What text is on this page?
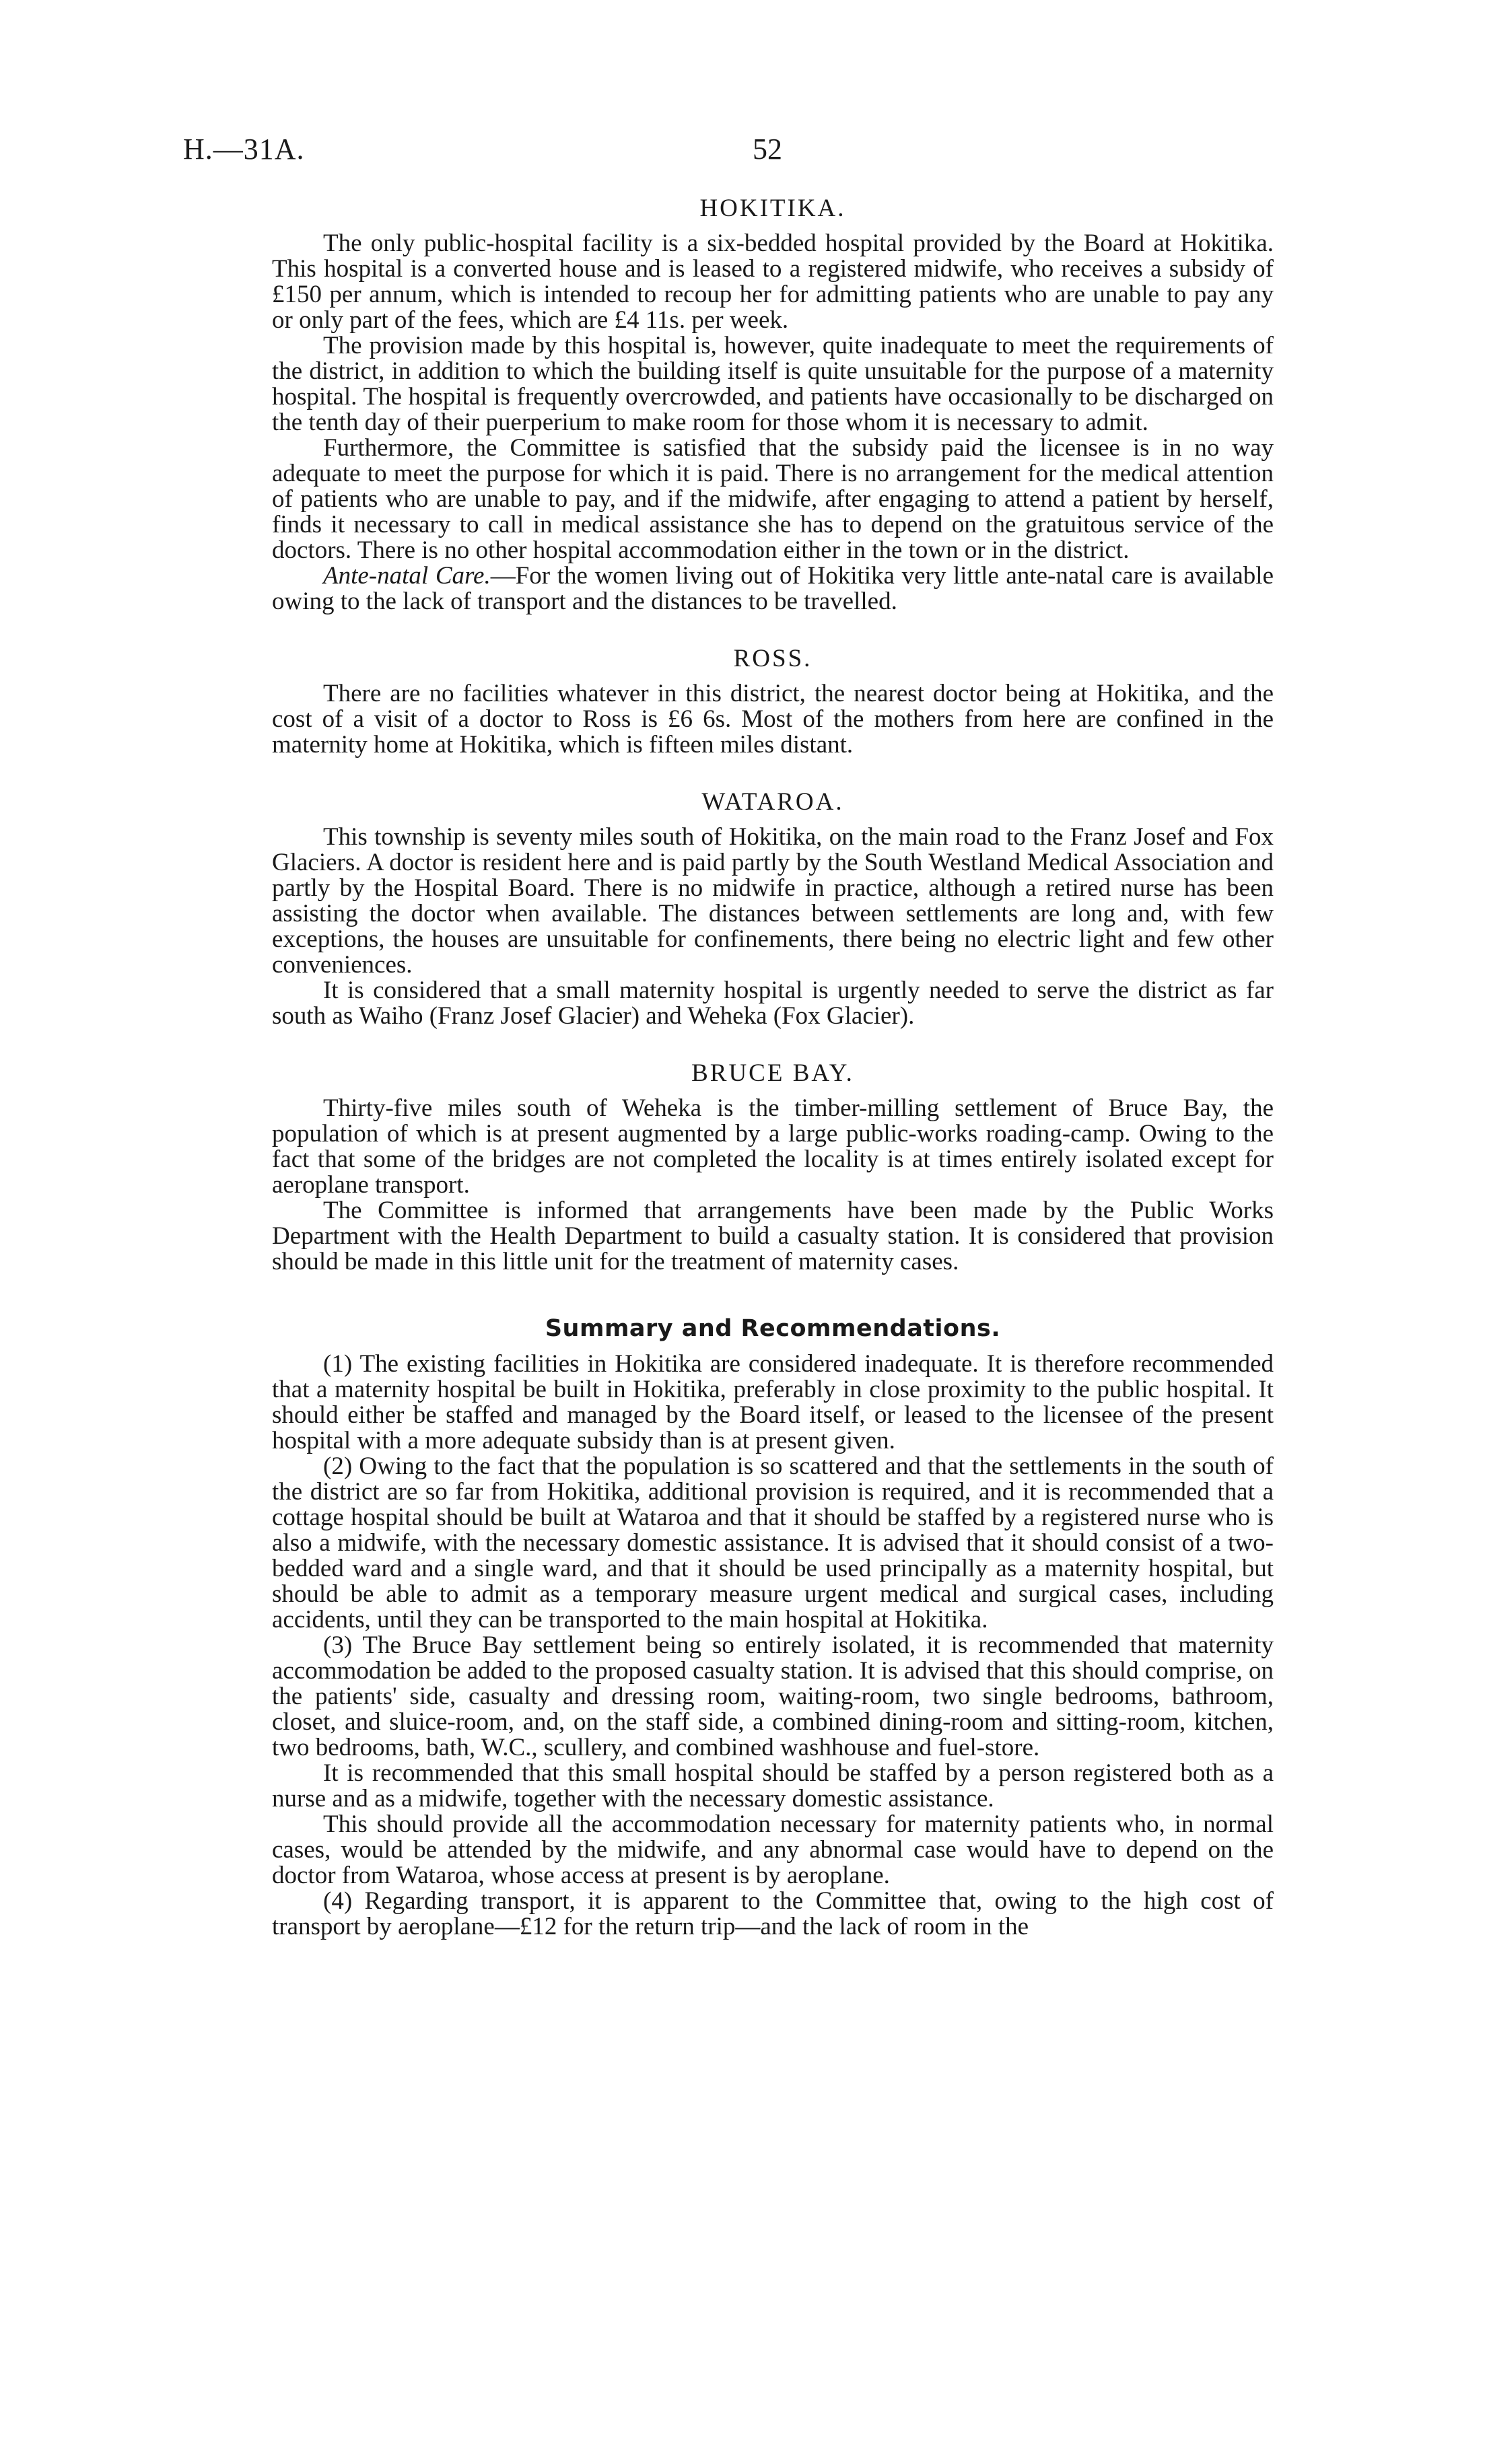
H.—31A.	52
HOKITIKA.

The only public-hospital facility is a six-bedded hospital provided by the Board at Hokitika. This hospital is a converted house and is leased to a registered midwife, who receives a subsidy of £150 per annum, which is intended to recoup her for admitting patients who are unable to pay any or only part of the fees, which are £4 11s. per week.

The provision made by this hospital is, however, quite inadequate to meet the requirements of the district, in addition to which the building itself is quite unsuitable for the purpose of a maternity hospital. The hospital is frequently overcrowded, and patients have occasionally to be discharged on the tenth day of their puerperium to make room for those whom it is necessary to admit.

Furthermore, the Committee is satisfied that the subsidy paid the licensee is in no way adequate to meet the purpose for which it is paid. There is no arrangement for the medical attention of patients who are unable to pay, and if the midwife, after engaging to attend a patient by herself, finds it necessary to call in medical assistance she has to depend on the gratuitous service of the doctors. There is no other hospital accommodation either in the town or in the district.

Ante-natal Care.—For the women living out of Hokitika very little ante-natal care is available owing to the lack of transport and the distances to be travelled.

ROSS.

There are no facilities whatever in this district, the nearest doctor being at Hokitika, and the cost of a visit of a doctor to Ross is £6 6s. Most of the mothers from here are confined in the maternity home at Hokitika, which is fifteen miles distant.

WATAROA.

This township is seventy miles south of Hokitika, on the main road to the Franz Josef and Fox Glaciers. A doctor is resident here and is paid partly by the South Westland Medical Association and partly by the Hospital Board. There is no midwife in practice, although a retired nurse has been assisting the doctor when available. The distances between settlements are long and, with few exceptions, the houses are unsuitable for confinements, there being no electric light and few other conveniences.

It is considered that a small maternity hospital is urgently needed to serve the district as far south as Waiho (Franz Josef Glacier) and Weheka (Fox Glacier).

BRUCE BAY.

Thirty-five miles south of Weheka is the timber-milling settlement of Bruce Bay, the population of which is at present augmented by a large public-works roading-camp. Owing to the fact that some of the bridges are not completed the locality is at times entirely isolated except for aeroplane transport.

The Committee is informed that arrangements have been made by the Public Works Department with the Health Department to build a casualty station. It is considered that provision should be made in this little unit for the treatment of maternity cases.

Summary and Recommendations.

(1) The existing facilities in Hokitika are considered inadequate. It is therefore recommended that a maternity hospital be built in Hokitika, preferably in close proximity to the public hospital. It should either be staffed and managed by the Board itself, or leased to the licensee of the present hospital with a more adequate subsidy than is at present given.

(2) Owing to the fact that the population is so scattered and that the settlements in the south of the district are so far from Hokitika, additional provision is required, and it is recommended that a cottage hospital should be built at Wataroa and that it should be staffed by a registered nurse who is also a midwife, with the necessary domestic assistance. It is advised that it should consist of a two-bedded ward and a single ward, and that it should be used principally as a maternity hospital, but should be able to admit as a temporary measure urgent medical and surgical cases, including accidents, until they can be transported to the main hospital at Hokitika.

(3) The Bruce Bay settlement being so entirely isolated, it is recommended that maternity accommodation be added to the proposed casualty station. It is advised that this should comprise, on the patients' side, casualty and dressing room, waiting-room, two single bedrooms, bathroom, closet, and sluice-room, and, on the staff side, a combined dining-room and sitting-room, kitchen, two bedrooms, bath, W.C., scullery, and combined washhouse and fuel-store.

It is recommended that this small hospital should be staffed by a person registered both as a nurse and as a midwife, together with the necessary domestic assistance.

This should provide all the accommodation necessary for maternity patients who, in normal cases, would be attended by the midwife, and any abnormal case would have to depend on the doctor from Wataroa, whose access at present is by aeroplane.

(4) Regarding transport, it is apparent to the Committee that, owing to the high cost of transport by aeroplane—£12 for the return trip—and the lack of room in the
